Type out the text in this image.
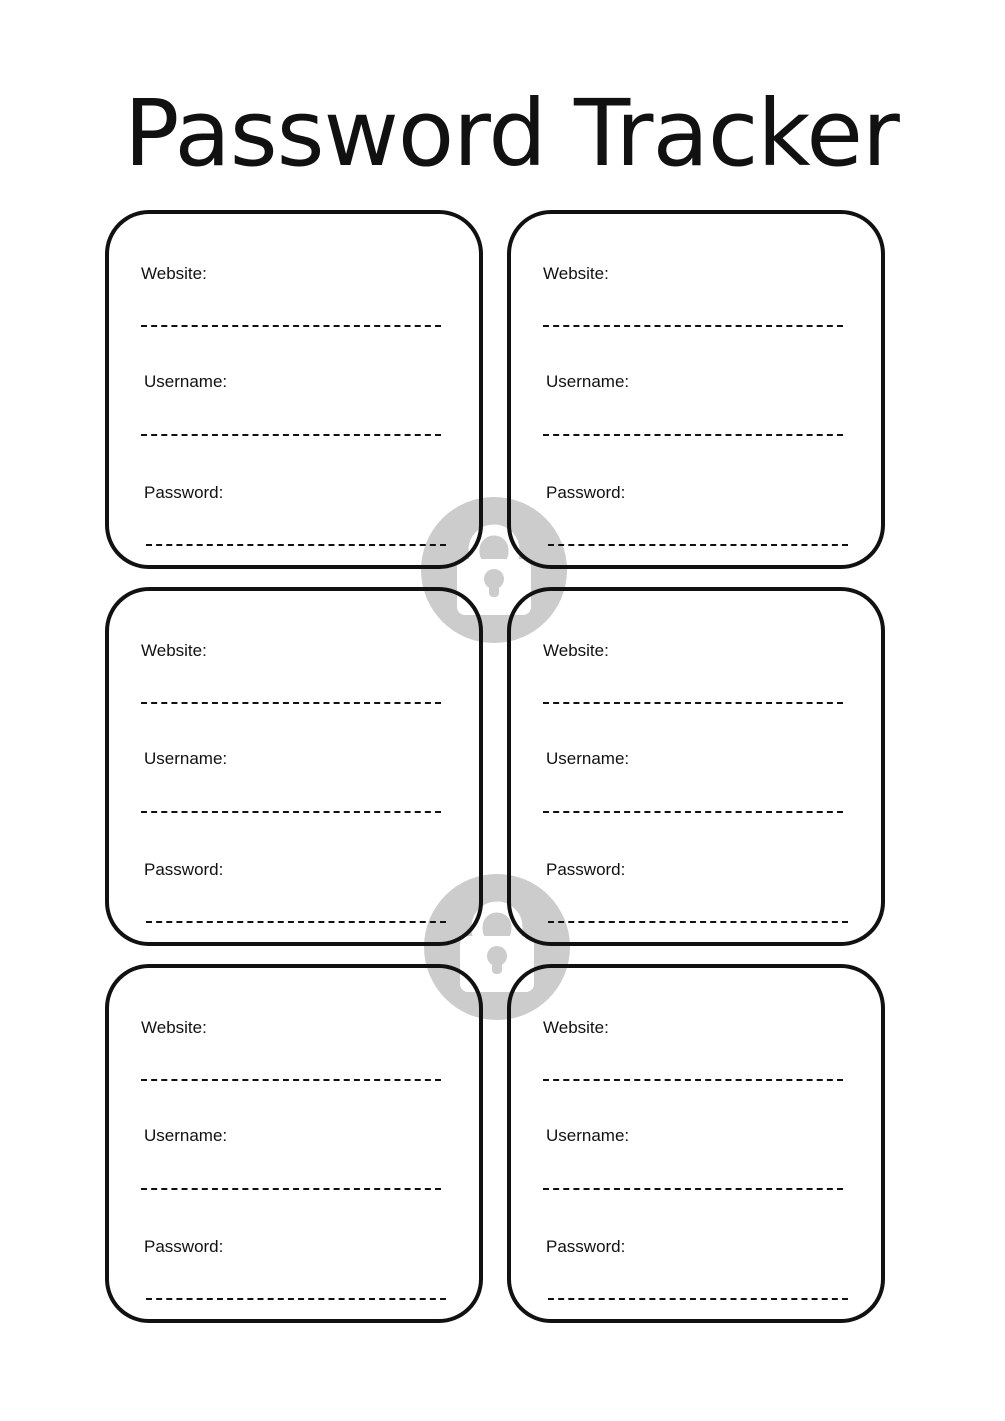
Password Tracker
Website:
Username:
Password:
Website:
Username:
Password:
Website:
Username:
Password:
Website:
Username:
Password:
Website:
Username:
Password:
Website:
Username:
Password:
